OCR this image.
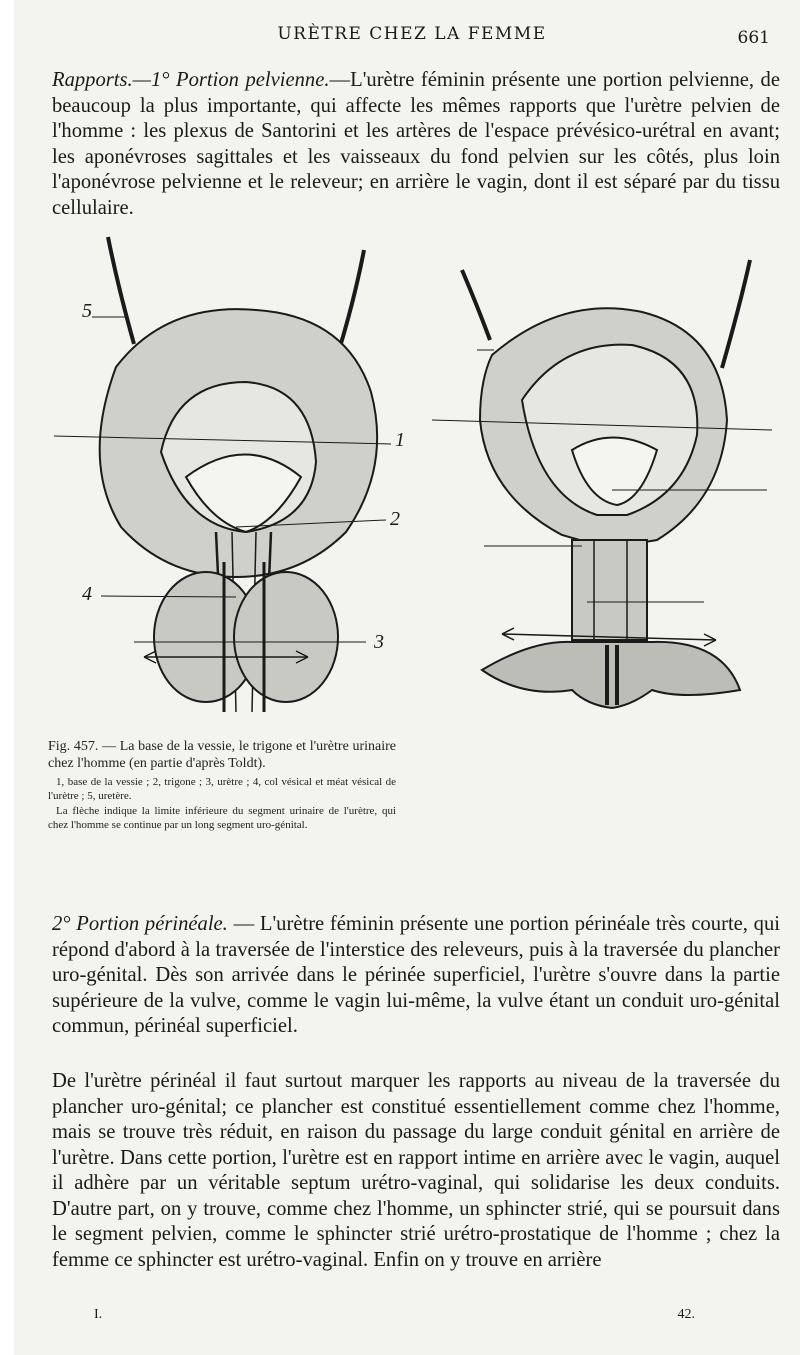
URÈTRE CHEZ LA FEMME	661

Rapports.—1° Portion pelvienne.—L'urètre féminin présente une portion pelvienne, de beaucoup la plus importante, qui affecte les mêmes rapports que l'urètre pelvien de l'homme : les plexus de Santorini et les artères de l'espace prévésico-urétral en avant; les aponévroses sagittales et les vaisseaux du fond pelvien sur les côtés, plus loin l'aponévrose pelvienne et le releveur; en arrière le vagin, dont il est séparé par du tissu cellulaire.

5
1
2
4
3

Fig. 457. — La base de la vessie, le trigone et l'urètre urinaire chez l'homme (en partie d'après Toldt).

1, base de la vessie ; 2, trigone ; 3, urètre ; 4, col vésical et méat vésical de l'urètre ; 5, uretère.

La flèche indique la limite inférieure du segment urinaire de l'urètre, qui chez l'homme se continue par un long segment uro-génital.

2° Portion périnéale. — L'urètre féminin présente une portion périnéale très courte, qui répond d'abord à la traversée de l'interstice des releveurs, puis à la traversée du plancher uro-génital. Dès son arrivée dans le périnée superficiel, l'urètre s'ouvre dans la partie supérieure de la vulve, comme le vagin lui-même, la vulve étant un conduit uro-génital commun, périnéal superficiel.

De l'urètre périnéal il faut surtout marquer les rapports au niveau de la traversée du plancher uro-génital; ce plancher est constitué essentiellement comme chez l'homme, mais se trouve très réduit, en raison du passage du large conduit génital en arrière de l'urètre. Dans cette portion, l'urètre est en rapport intime en arrière avec le vagin, auquel il adhère par un véritable septum urétro-vaginal, qui solidarise les deux conduits. D'autre part, on y trouve, comme chez l'homme, un sphincter strié, qui se poursuit dans le segment pelvien, comme le sphincter strié urétro-prostatique de l'homme ; chez la femme ce sphincter est urétro-vaginal. Enfin on y trouve en arrière

I.	42.
